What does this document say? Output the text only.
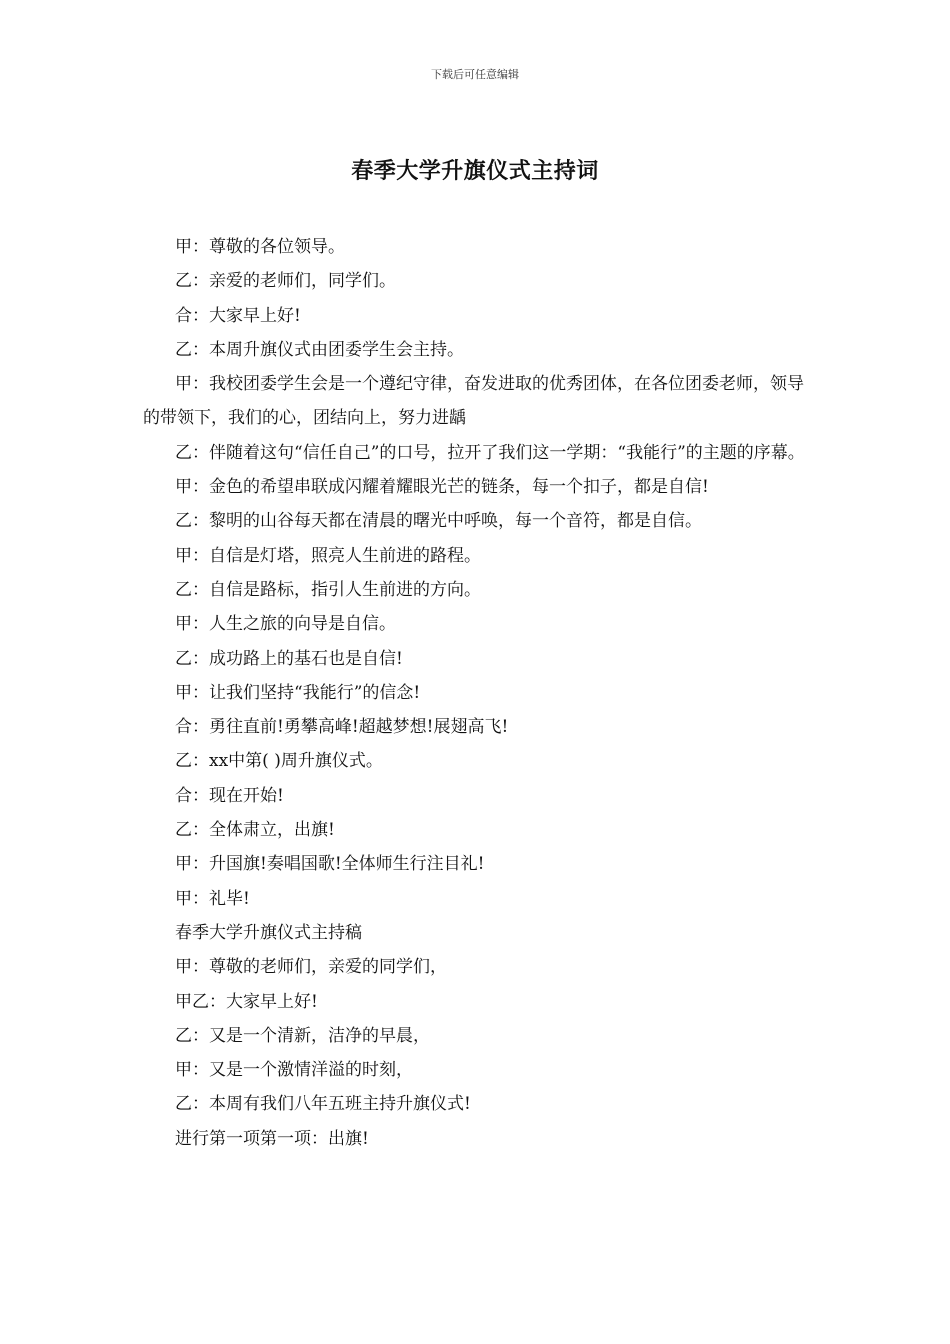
下载后可任意编辑
春季大学升旗仪式主持词

甲：尊敬的各位领导。

乙：亲爱的老师们，同学们。

合：大家早上好!

乙：本周升旗仪式由团委学生会主持。

甲：我校团委学生会是一个遵纪守律，奋发进取的优秀团体，在各位团委老师，领导的带领下，我们的心，团结向上，努力进龋

乙：伴随着这句“信任自己”的口号，拉开了我们这一学期：“我能行”的主题的序幕。

甲：金色的希望串联成闪耀着耀眼光芒的链条，每一个扣子，都是自信!

乙：黎明的山谷每天都在清晨的曙光中呼唤，每一个音符，都是自信。

甲：自信是灯塔，照亮人生前进的路程。

乙：自信是路标，指引人生前进的方向。

甲：人生之旅的向导是自信。

乙：成功路上的基石也是自信!

甲：让我们坚持“我能行”的信念!

合：勇往直前!勇攀高峰!超越梦想!展翅高飞!

乙：xx中第( )周升旗仪式。

合：现在开始!

乙：全体肃立，出旗!

甲：升国旗!奏唱国歌!全体师生行注目礼!

甲：礼毕!

春季大学升旗仪式主持稿

甲：尊敬的老师们，亲爱的同学们，

甲乙：大家早上好!

乙：又是一个清新，洁净的早晨，

甲：又是一个激情洋溢的时刻，

乙：本周有我们八年五班主持升旗仪式!

进行第一项第一项：出旗!
